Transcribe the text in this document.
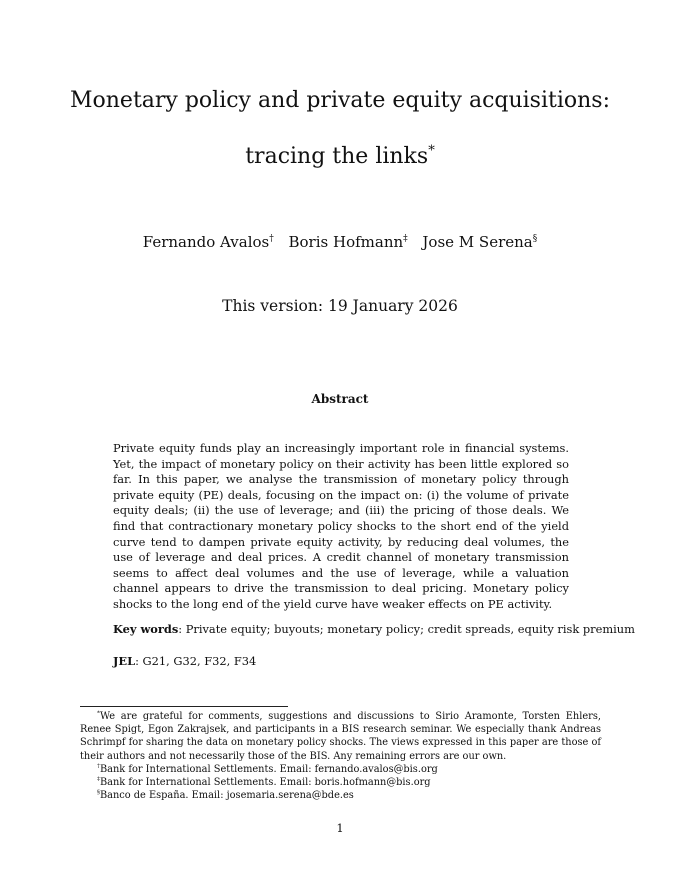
Monetary policy and private equity acquisitions:
tracing the links*
Fernando Avalos† Boris Hofmann‡ Jose M Serena§
This version: 19 January 2026
Abstract

Private equity funds play an increasingly important role in financial systems. Yet, the impact of monetary policy on their activity has been little explored so far. In this paper, we analyse the transmission of monetary policy through private equity (PE) deals, focusing on the impact on: (i) the volume of private equity deals; (ii) the use of leverage; and (iii) the pricing of those deals. We find that contractionary monetary policy shocks to the short end of the yield curve tend to dampen private equity activity, by reducing deal volumes, the use of leverage and deal prices. A credit channel of monetary transmission seems to affect deal volumes and the use of leverage, while a valuation channel appears to drive the transmission to deal pricing. Monetary policy shocks to the long end of the yield curve have weaker effects on PE activity.

Key words: Private equity; buyouts; monetary policy; credit spreads, equity risk premium
JEL: G21, G32, F32, F34

*We are grateful for comments, suggestions and discussions to Sirio Aramonte, Torsten Ehlers, Renee Spigt, Egon Zakrajsek, and participants in a BIS research seminar. We especially thank Andreas Schrimpf for sharing the data on monetary policy shocks. The views expressed in this paper are those of their authors and not necessarily those of the BIS. Any remaining errors are our own.

†Bank for International Settlements. Email: fernando.avalos@bis.org

‡Bank for International Settlements. Email: boris.hofmann@bis.org

§Banco de España. Email: josemaria.serena@bde.es

1
